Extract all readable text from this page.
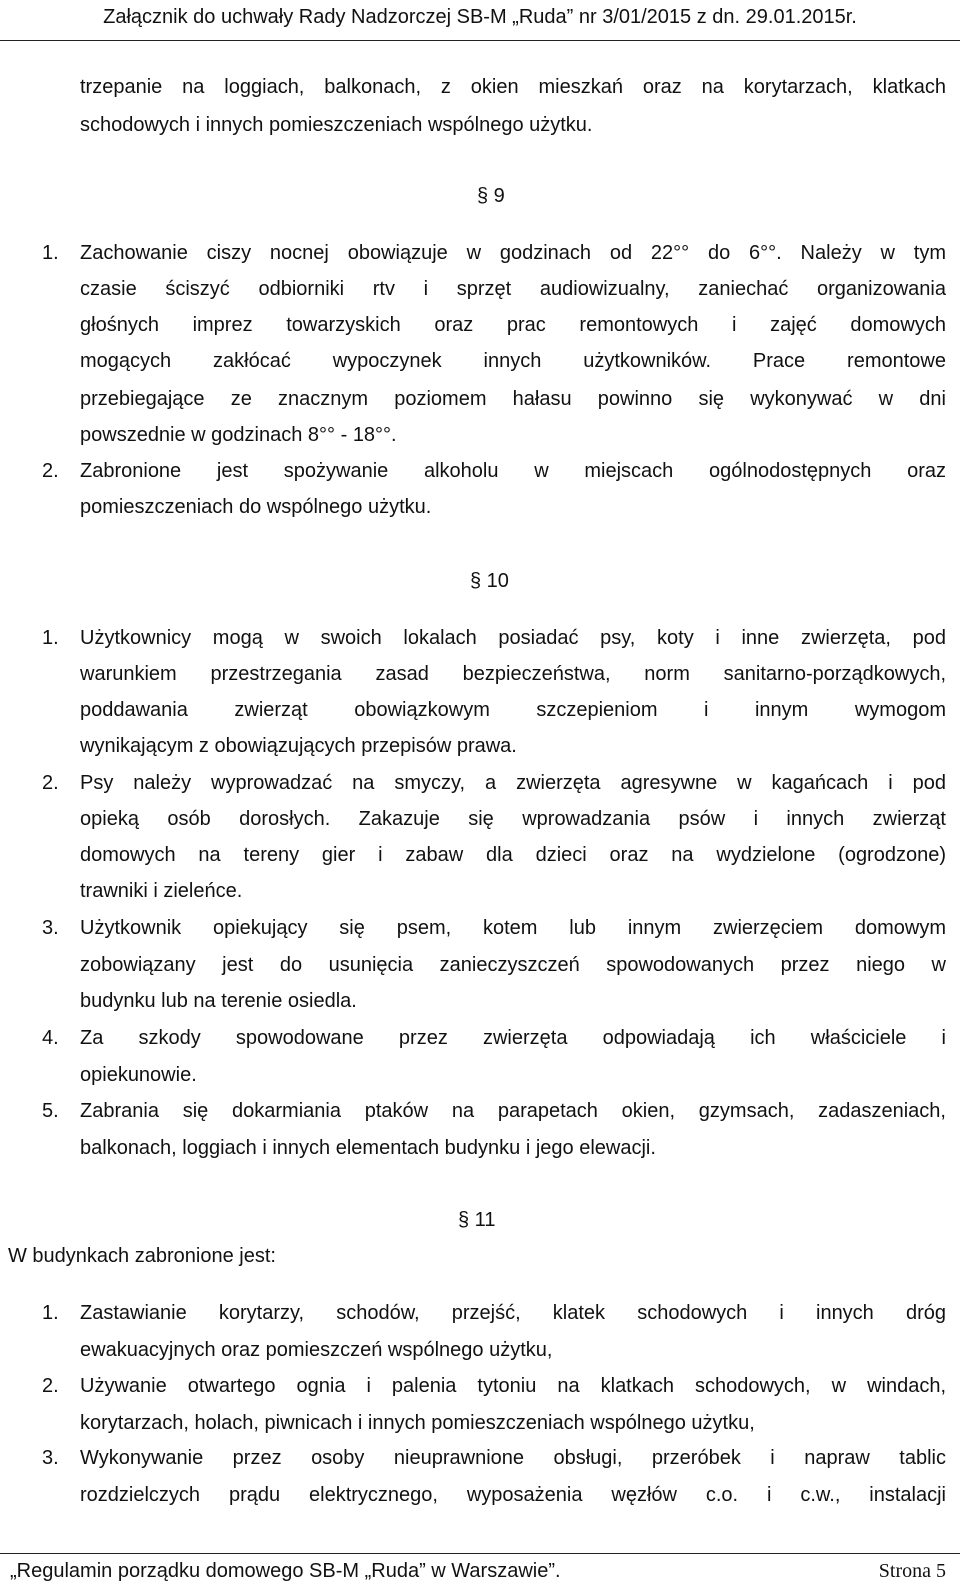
Załącznik do uchwały Rady Nadzorczej SB-M „Ruda” nr 3/01/2015 z dn. 29.01.2015r.
trzepanie na loggiach, balkonach, z okien mieszkań oraz na korytarzach, klatkach
schodowych i innych pomieszczeniach wspólnego użytku.
§ 9
1. Zachowanie ciszy nocnej obowiązuje w godzinach od 22°° do 6°°. Należy w tym
czasie ściszyć odbiorniki rtv i sprzęt audiowizualny, zaniechać organizowania
głośnych imprez towarzyskich oraz prac remontowych i zajęć domowych
mogących zakłócać wypoczynek innych użytkowników. Prace remontowe
przebiegające ze znacznym poziomem hałasu powinno się wykonywać w dni
powszednie w godzinach 8°° - 18°°.
2. Zabronione jest spożywanie alkoholu w miejscach ogólnodostępnych oraz
pomieszczeniach do wspólnego użytku.
§ 10
1. Użytkownicy mogą w swoich lokalach posiadać psy, koty i inne zwierzęta, pod
warunkiem przestrzegania zasad bezpieczeństwa, norm sanitarno-porządkowych,
poddawania zwierząt obowiązkowym szczepieniom i innym wymogom
wynikającym z obowiązujących przepisów prawa.
2. Psy należy wyprowadzać na smyczy, a zwierzęta agresywne w kagańcach i pod
opieką osób dorosłych. Zakazuje się wprowadzania psów i innych zwierząt
domowych na tereny gier i zabaw dla dzieci oraz na wydzielone (ogrodzone)
trawniki i zieleńce.
3. Użytkownik opiekujący się psem, kotem lub innym zwierzęciem domowym
zobowiązany jest do usunięcia zanieczyszczeń spowodowanych przez niego w
budynku lub na terenie osiedla.
4. Za szkody spowodowane przez zwierzęta odpowiadają ich właściciele i
opiekunowie.
5. Zabrania się dokarmiania ptaków na parapetach okien, gzymsach, zadaszeniach,
balkonach, loggiach i innych elementach budynku i jego elewacji.
§ 11
W budynkach zabronione jest:
1. Zastawianie korytarzy, schodów, przejść, klatek schodowych i innych dróg
ewakuacyjnych oraz pomieszczeń wspólnego użytku,
2. Używanie otwartego ognia i palenia tytoniu na klatkach schodowych, w windach,
korytarzach, holach, piwnicach i innych pomieszczeniach wspólnego użytku,
3. Wykonywanie przez osoby nieuprawnione obsługi, przeróbek i napraw tablic
rozdzielczych prądu elektrycznego, wyposażenia węzłów c.o. i c.w., instalacji
„Regulamin porządku domowego SB-M „Ruda” w Warszawie”.	Strona 5
